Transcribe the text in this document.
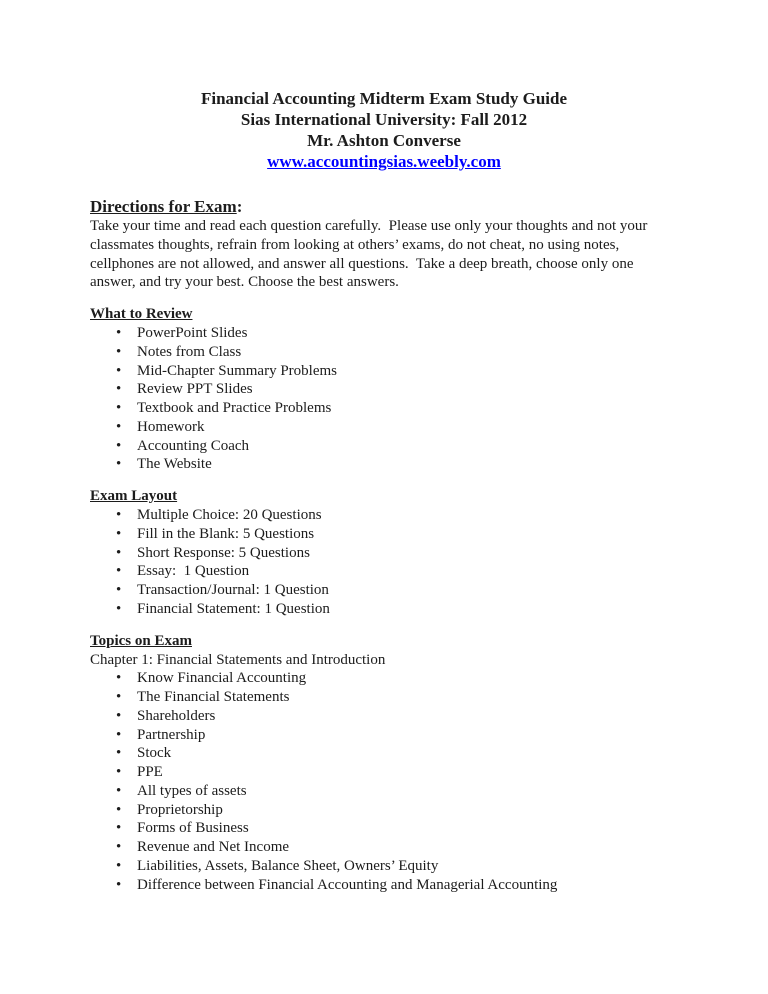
Financial Accounting Midterm Exam Study Guide
Sias International University: Fall 2012
Mr. Ashton Converse
www.accountingsias.weebly.com
Directions for Exam:

Take your time and read each question carefully.  Please use only your thoughts and not your classmates thoughts, refrain from looking at others’ exams, do not cheat, no using notes, cellphones are not allowed, and answer all questions.  Take a deep breath, choose only one answer, and try your best. Choose the best answers.

What to Review
• PowerPoint Slides
• Notes from Class
• Mid-Chapter Summary Problems
• Review PPT Slides
• Textbook and Practice Problems
• Homework
• Accounting Coach
• The Website
Exam Layout
• Multiple Choice: 20 Questions
• Fill in the Blank: 5 Questions
• Short Response: 5 Questions
• Essay:  1 Question
• Transaction/Journal: 1 Question
• Financial Statement: 1 Question
Topics on Exam

Chapter 1: Financial Statements and Introduction

• Know Financial Accounting
• The Financial Statements
• Shareholders
• Partnership
• Stock
• PPE
• All types of assets
• Proprietorship
• Forms of Business
• Revenue and Net Income
• Liabilities, Assets, Balance Sheet, Owners’ Equity
• Difference between Financial Accounting and Managerial Accounting
